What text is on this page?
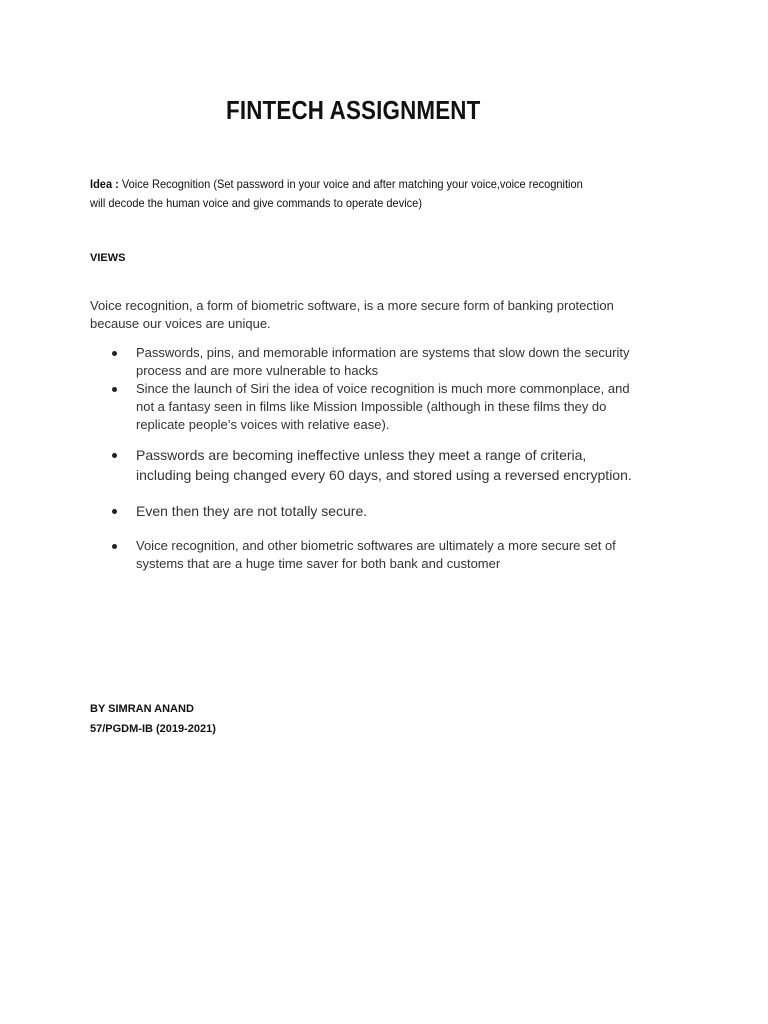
FINTECH ASSIGNMENT
Idea : Voice Recognition (Set password in your voice and after matching your voice,voice recognition
will decode the human voice and give commands to operate device)
VIEWS
Voice recognition, a form of biometric software, is a more secure form of banking protection
because our voices are unique.
Passwords, pins, and memorable information are systems that slow down the security
process and are more vulnerable to hacks
Since the launch of Siri the idea of voice recognition is much more commonplace, and
not a fantasy seen in films like Mission Impossible (although in these films they do
replicate people’s voices with relative ease).
Passwords are becoming ineffective unless they meet a range of criteria,
including being changed every 60 days, and stored using a reversed encryption.
Even then they are not totally secure.
Voice recognition, and other biometric softwares are ultimately a more secure set of
systems that are a huge time saver for both bank and customer
BY SIMRAN ANAND
57/PGDM-IB (2019-2021)
